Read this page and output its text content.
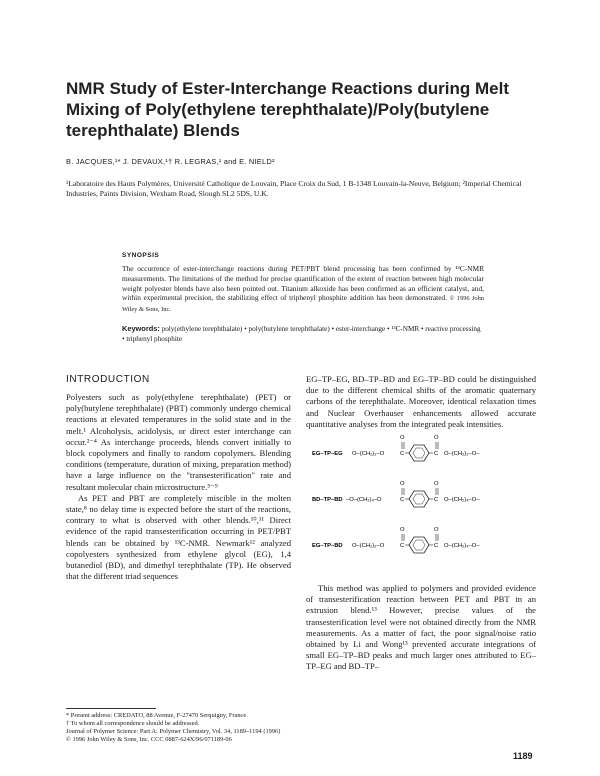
NMR Study of Ester-Interchange Reactions during Melt Mixing of Poly(ethylene terephthalate)/Poly(butylene terephthalate) Blends
B. JACQUES,¹* J. DEVAUX,¹† R. LEGRAS,¹ and E. NIELD²
¹Laboratoire des Hauts Polymères, Université Catholique de Louvain, Place Croix du Sud, 1 B-1348 Louvain-la-Neuve, Belgium; ²Imperial Chemical Industries, Paints Division, Wexham Road, Slough SL2 5DS, U.K.
SYNOPSIS
The occurrence of ester-interchange reactions during PET/PBT blend processing has been confirmed by ¹³C-NMR measurements. The limitations of the method for precise quantification of the extent of reaction between high molecular weight polyester blends have also been pointed out. Titanium alkoxide has been confirmed as an efficient catalyst, and, within experimental precision, the stabilizing effect of triphenyl phosphite addition has been demonstrated. © 1996 John Wiley & Sons, Inc.
Keywords: poly(ethylene terephthalate) • poly(butylene terephthalate) • ester-interchange • ¹³C-NMR • reactive processing • triphenyl phosphite
INTRODUCTION

Polyesters such as poly(ethylene terephthalate) (PET) or poly(butylene terephthalate) (PBT) commonly undergo chemical reactions at elevated temperatures in the solid state and in the melt.¹ Alcoholysis, acidolysis, or direct ester interchange can occur.²⁻⁴ As interchange proceeds, blends convert initially to block copolymers and finally to random copolymers. Blending conditions (temperature, duration of mixing, preparation method) have a large influence on the "transesterification" rate and resultant molecular chain microstructure.⁵⁻⁹

As PET and PBT are completely miscible in the molten state,⁸ no delay time is expected before the start of the reactions, contrary to what is observed with other blends.¹⁰,¹¹ Direct evidence of the rapid transesterification occurring in PET/PBT blends can be obtained by ¹³C-NMR. Newmark¹² analyzed copolyesters synthesized from ethylene glycol (EG), 1,4 butanediol (BD), and dimethyl terephthalate (TP). He observed that the different triad sequences

EG–TP–EG, BD–TP–BD and EG–TP–BD could be distinguished due to the different chemical shifts of the aromatic quaternary carbons of the terephthalate. Moreover, identical relaxation times and Nuclear Overhauser enhancements allowed accurate quantitative analyses from the integrated peak intensities.

EG–TP–EG O–(CH₂)₂–O	C
O
C
O
O–(CH₂)₂–O–
BD–TP–BD –O–(CH₂)₄–O	C
O
C
O
O–(CH₂)₄–O–
EG–TP–BD O–(CH₂)₂–O	C
O
C
O
O–(CH₂)₄–O–

This method was applied to polymers and provided evidence of transesterification reaction between PET and PBT in an extrusion blend.¹³ However, precise values of the transesterification level were not obtained directly from the NMR measurements. As a matter of fact, the poor signal/noise ratio obtained by Li and Wong¹³ prevented accurate integrations of small EG–TP–BD peaks and much larger ones attributed to EG–TP–EG and BD–TP–

* Present address: CREDATO, 88 Avenue, F-27470 Serquigny, France.

† To whom all correspondence should be addressed.

Journal of Polymer Science: Part A: Polymer Chemistry, Vol. 34, 1189–1194 (1996)

© 1996 John Wiley & Sons, Inc. CCC 0887-624X/96/071189-06

1189
